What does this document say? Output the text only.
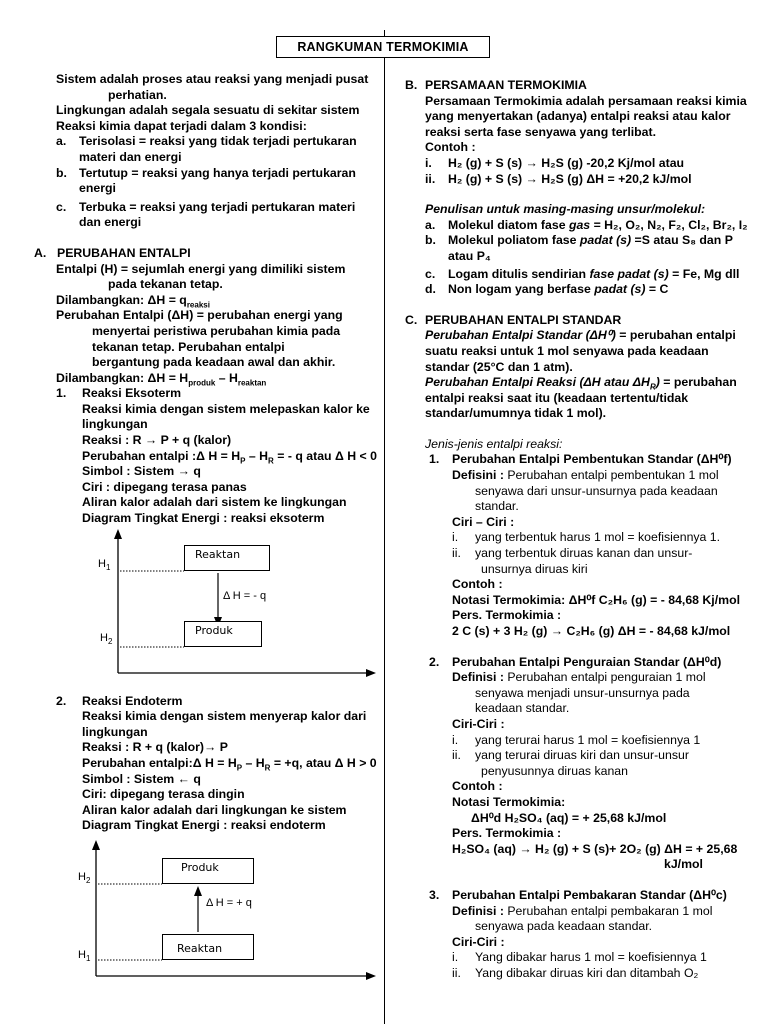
RANGKUMAN TERMOKIMIA
Sistem adalah proses atau reaksi yang menjadi pusat
perhatian.
Lingkungan adalah segala sesuatu di sekitar sistem
Reaksi kimia dapat terjadi dalam 3 kondisi:
a. Terisolasi = reaksi yang tidak terjadi pertukaran
materi dan energi
b. Tertutup = reaksi yang hanya terjadi pertukaran
energi
c. Terbuka = reaksi yang terjadi pertukaran materi
dan energi
A. PERUBAHAN ENTALPI
Entalpi (H) = sejumlah energi yang dimiliki sistem
pada tekanan tetap.
Dilambangkan: $\Delta H = q_{reaksi}$
Perubahan Entalpi (ΔH) = perubahan energi yang
menyertai peristiwa perubahan kimia pada
tekanan tetap. Perubahan entalpi
bergantung pada keadaan awal dan akhir.
Dilambangkan: $\Delta H = H_{produk} - H_{reaktan}$
1. Reaksi Eksoterm
Reaksi kimia dengan sistem melepaskan kalor ke
lingkungan
Reaksi : R → P + q (kalor)
Perubahan entalpi :Δ $H = H_P - H_R$ = - q atau Δ H < 0
Simbol : Sistem → q
Ciri : dipegang terasa panas
Aliran kalor adalah dari sistem ke lingkungan
Diagram Tingkat Energi : reaksi eksoterm
$H_1$
$H_2$
Reaktan
Produk
Δ H = - q
2. Reaksi Endoterm
Reaksi kimia dengan sistem menyerap kalor dari
lingkungan
Reaksi : R + q (kalor)→ P
Perubahan entalpi:Δ $H = H_P - H_R = +q$, atau Δ H > 0
Simbol : Sistem ← q
Ciri: dipegang terasa dingin
Aliran kalor adalah dari lingkungan ke sistem
Diagram Tingkat Energi : reaksi endoterm
$H_2$
$H_1$
Produk
Reaktan
Δ H = + q
B. PERSAMAAN TERMOKIMIA
Persamaan Termokimia adalah persamaan reaksi kimia
yang menyertakan (adanya) entalpi reaksi atau kalor
reaksi serta fase senyawa yang terlibat.
Contoh :
i. H₂ (g) + S (s) → H₂S (g) -20,2 Kj/mol atau
ii. H₂ (g) + S (s) → H₂S (g) ΔH = +20,2 kJ/mol
Penulisan untuk masing-masing unsur/molekul:
a. Molekul diatom fase gas = H₂, O₂, N₂, F₂, Cl₂, Br₂, I₂
b. Molekul poliatom fase padat (s) =S atau S₈ dan P
atau P₄
c. Logam ditulis sendirian fase padat (s) = Fe, Mg dll
d. Non logam yang berfase padat (s) = C
C. PERUBAHAN ENTALPI STANDAR
Perubahan Entalpi Standar (ΔH⁰) = perubahan entalpi
suatu reaksi untuk 1 mol senyawa pada keadaan
standar (25°C dan 1 atm).
Perubahan Entalpi Reaksi (ΔH atau $\Delta H_R$) = perubahan
entalpi reaksi saat itu (keadaan tertentu/tidak
standar/umumnya tidak 1 mol).
Jenis-jenis entalpi reaksi:
1. Perubahan Entalpi Pembentukan Standar (ΔH⁰f)
Defisini : Perubahan entalpi pembentukan 1 mol
senyawa dari unsur-unsurnya pada keadaan
standar.
Ciri – Ciri :
i. yang terbentuk harus 1 mol = koefisiennya 1.
ii. yang terbentuk diruas kanan dan unsur-
unsurnya diruas kiri
Contoh :
Notasi Termokimia: ΔH⁰f C₂H₆ (g) = - 84,68 Kj/mol
Pers. Termokimia :
2 C (s) + 3 H₂ (g) → C₂H₆ (g) ΔH = - 84,68 kJ/mol
2. Perubahan Entalpi Penguraian Standar (ΔH⁰d)
Definisi : Perubahan entalpi penguraian 1 mol
senyawa menjadi unsur-unsurnya pada
keadaan standar.
Ciri-Ciri :
i. yang terurai harus 1 mol = koefisiennya 1
ii. yang terurai diruas kiri dan unsur-unsur
penyusunnya diruas kanan
Contoh :
Notasi Termokimia:
ΔH⁰d H₂SO₄ (aq) = + 25,68 kJ/mol
Pers. Termokimia :
H₂SO₄ (aq) → H₂ (g) + S (s)+ 2O₂ (g) ΔH = + 25,68
kJ/mol
3. Perubahan Entalpi Pembakaran Standar (ΔH⁰c)
Definisi : Perubahan entalpi pembakaran 1 mol
senyawa pada keadaan standar.
Ciri-Ciri :
i. Yang dibakar harus 1 mol = koefisiennya 1
ii. Yang dibakar diruas kiri dan ditambah O₂
